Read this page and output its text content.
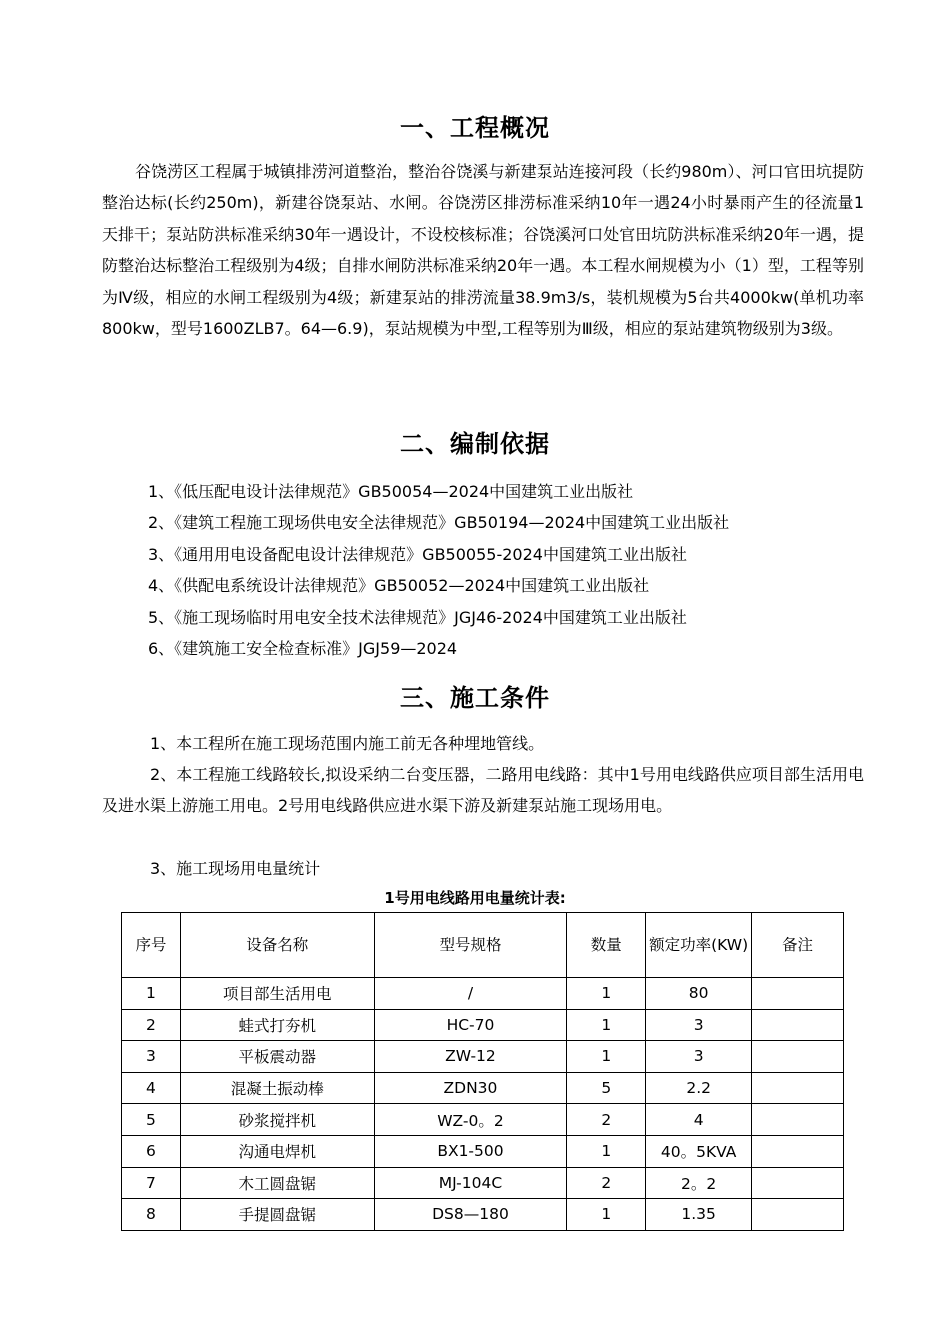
一、工程概况

谷饶涝区工程属于城镇排涝河道整治，整治谷饶溪与新建泵站连接河段（长约980m）、河口官田坑提防整治达标(长约250m)，新建谷饶泵站、水闸。谷饶涝区排涝标准采纳10年一遇24小时暴雨产生的径流量1天排干；泵站防洪标准采纳30年一遇设计，不设校核标准；谷饶溪河口处官田坑防洪标准采纳20年一遇，提防整治达标整治工程级别为4级；自排水闸防洪标准采纳20年一遇。本工程水闸规模为小（1）型，工程等别为Ⅳ级，相应的水闸工程级别为4级；新建泵站的排涝流量38.9m3/s，装机规模为5台共4000kw(单机功率800kw，型号1600ZLB7。64—6.9)，泵站规模为中型,工程等别为Ⅲ级，相应的泵站建筑物级别为3级。

二、编制依据
1、《低压配电设计法律规范》GB50054—2024中国建筑工业出版社
2、《建筑工程施工现场供电安全法律规范》GB50194—2024中国建筑工业出版社
3、《通用用电设备配电设计法律规范》GB50055-2024中国建筑工业出版社
4、《供配电系统设计法律规范》GB50052—2024中国建筑工业出版社
5、《施工现场临时用电安全技术法律规范》JGJ46-2024中国建筑工业出版社
6、《建筑施工安全检查标准》JGJ59—2024
三、施工条件

1、本工程所在施工现场范围内施工前无各种埋地管线。

2、本工程施工线路较长,拟设采纳二台变压器，二路用电线路：其中1号用电线路供应项目部生活用电及进水渠上游施工用电。2号用电线路供应进水渠下游及新建泵站施工现场用电。

3、施工现场用电量统计

1号用电线路用电量统计表:
序号	设备名称	型号规格	数量	额定功率(KW)	备注
1	项目部生活用电	/	1	80	
2	蛙式打夯机	HC-70	1	3	
3	平板震动器	ZW-12	1	3	
4	混凝土振动棒	ZDN30	5	2.2	
5	砂浆搅拌机	WZ-0。2	2	4	
6	沟通电焊机	BX1-500	1	40。5KVA	
7	木工圆盘锯	MJ-104C	2	2。2	
8	手提圆盘锯	DS8—180	1	1.35	
